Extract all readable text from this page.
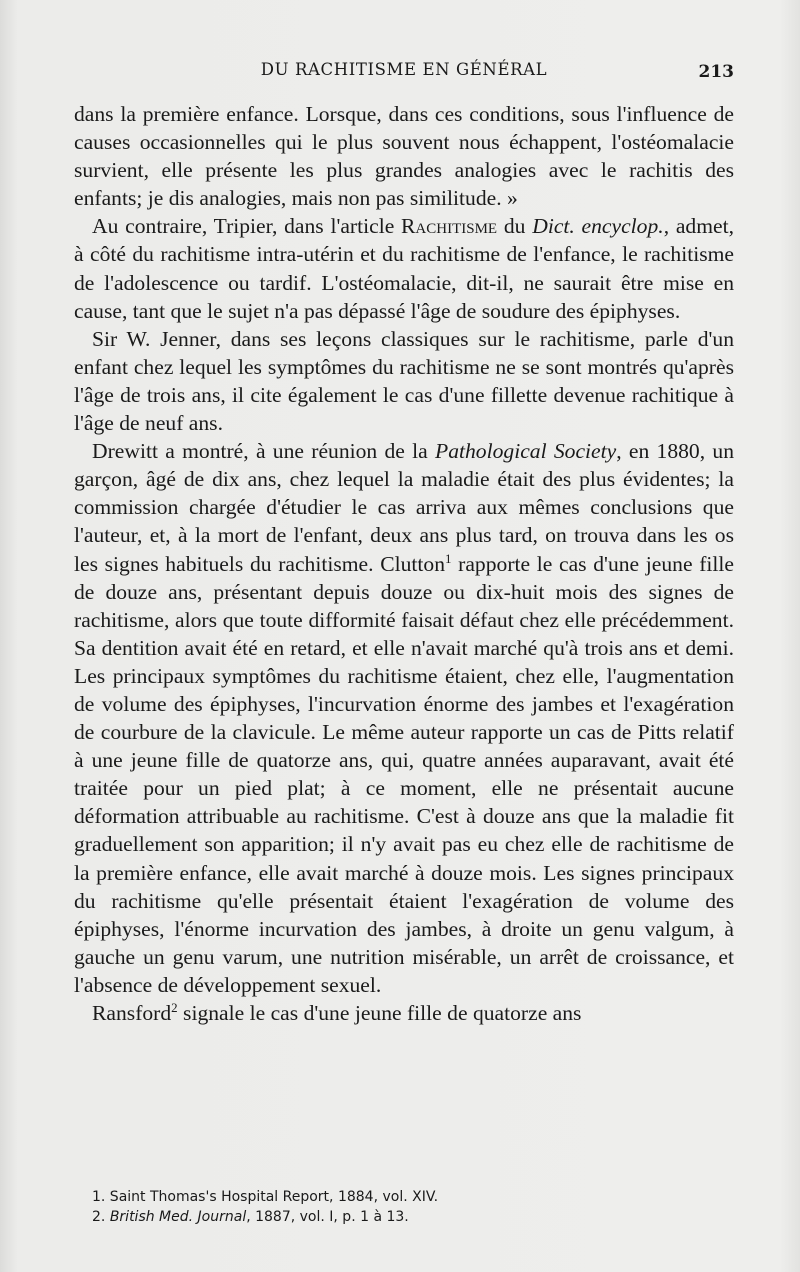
DU RACHITISME EN GÉNÉRAL	213

dans la première enfance. Lorsque, dans ces conditions, sous l'influence de causes occasionnelles qui le plus souvent nous échappent, l'ostéomalacie survient, elle présente les plus grandes analogies avec le rachitis des enfants; je dis analogies, mais non pas similitude. »

Au contraire, Tripier, dans l'article Rachitisme du Dict. encyclop., admet, à côté du rachitisme intra-utérin et du rachitisme de l'enfance, le rachitisme de l'adolescence ou tardif. L'ostéomalacie, dit-il, ne saurait être mise en cause, tant que le sujet n'a pas dépassé l'âge de soudure des épiphyses.

Sir W. Jenner, dans ses leçons classiques sur le rachitisme, parle d'un enfant chez lequel les symptômes du rachitisme ne se sont montrés qu'après l'âge de trois ans, il cite également le cas d'une fillette devenue rachitique à l'âge de neuf ans.

Drewitt a montré, à une réunion de la Pathological Society, en 1880, un garçon, âgé de dix ans, chez lequel la maladie était des plus évidentes; la commission chargée d'étudier le cas arriva aux mêmes conclusions que l'auteur, et, à la mort de l'enfant, deux ans plus tard, on trouva dans les os les signes habituels du rachitisme. Clutton$^1$ rapporte le cas d'une jeune fille de douze ans, présentant depuis douze ou dix-huit mois des signes de rachitisme, alors que toute difformité faisait défaut chez elle précédemment. Sa dentition avait été en retard, et elle n'avait marché qu'à trois ans et demi. Les principaux symptômes du rachitisme étaient, chez elle, l'augmentation de volume des épiphyses, l'incurvation énorme des jambes et l'exagération de courbure de la clavicule. Le même auteur rapporte un cas de Pitts relatif à une jeune fille de quatorze ans, qui, quatre années auparavant, avait été traitée pour un pied plat; à ce moment, elle ne présentait aucune déformation attribuable au rachitisme. C'est à douze ans que la maladie fit graduellement son apparition; il n'y avait pas eu chez elle de rachitisme de la première enfance, elle avait marché à douze mois. Les signes principaux du rachitisme qu'elle présentait étaient l'exagération de volume des épiphyses, l'énorme incurvation des jambes, à droite un genu valgum, à gauche un genu varum, une nutrition misérable, un arrêt de croissance, et l'absence de développement sexuel.

Ransford$^2$ signale le cas d'une jeune fille de quatorze ans

1. Saint Thomas's Hospital Report, 1884, vol. XIV.
2. British Med. Journal, 1887, vol. I, p. 1 à 13.
